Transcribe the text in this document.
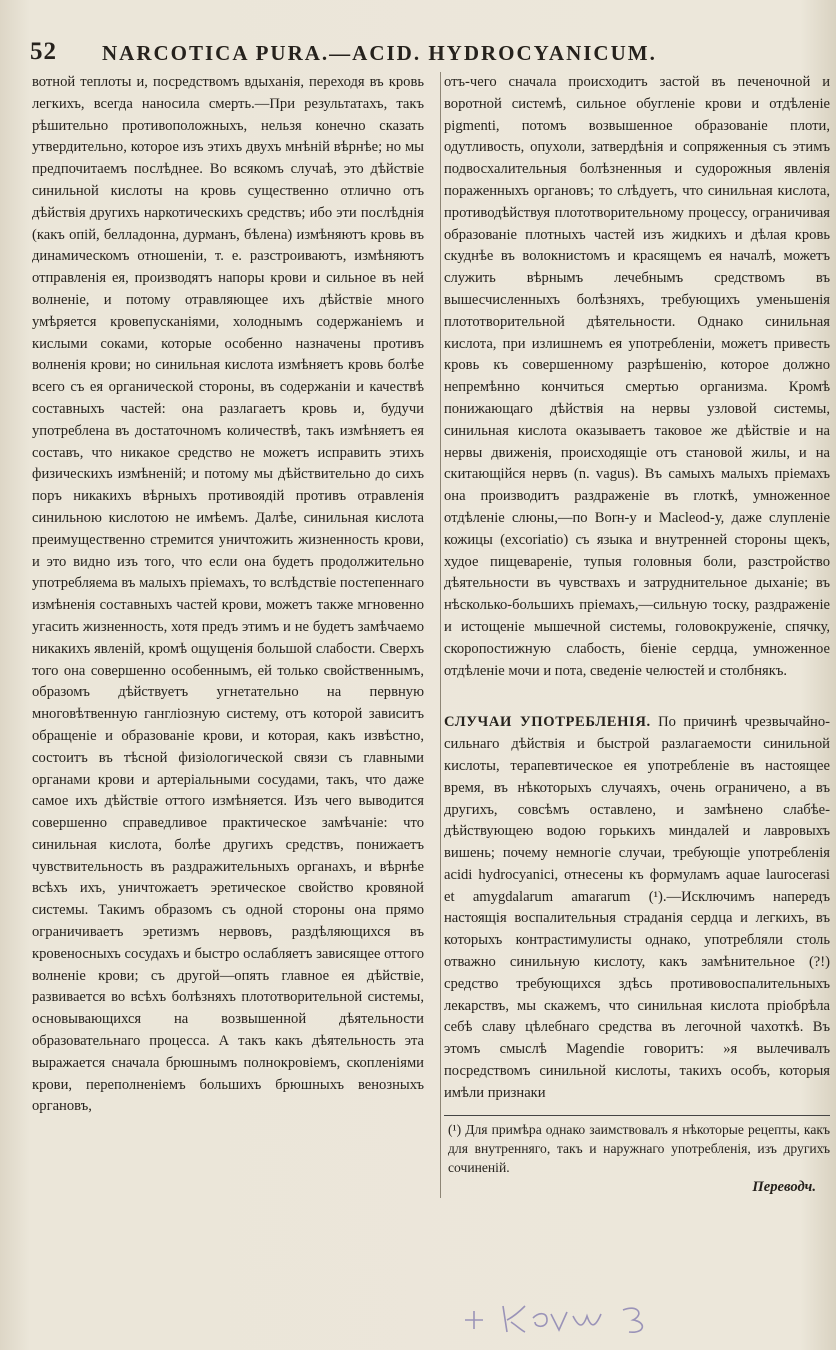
52 NARCOTICA PURA.—ACID. HYDROCYANICUM.

вотной теплоты и, посредствомъ вдыханія, переходя въ кровь легкихъ, всегда наносила смерть.—При результатахъ, такъ рѣшительно противоположныхъ, нельзя конечно сказать утвердительно, которое изъ этихъ двухъ мнѣній вѣрнѣе; но мы предпочитаемъ послѣднее. Во всякомъ случаѣ, это дѣйствіе синильной кислоты на кровь существенно отлично отъ дѣйствія другихъ наркотическихъ средствъ; ибо эти послѣднія (какъ опій, белладонна, дурманъ, бѣлена) измѣняютъ кровь въ динамическомъ отношеніи, т. е. разстроиваютъ, измѣняютъ отправленія ея, производятъ напоры крови и сильное въ ней волненіе, и потому отравляющее ихъ дѣйствіе много умѣряется кровепусканіями, холоднымъ содержаніемъ и кислыми соками, которые особенно назначены противъ волненія крови; но синильная кислота измѣняетъ кровь болѣе всего съ ея органической стороны, въ содержаніи и качествѣ составныхъ частей: она разлагаетъ кровь и, будучи употреблена въ достаточномъ количествѣ, такъ измѣняетъ ея составъ, что никакое средство не можетъ исправить этихъ физическихъ измѣненій; и потому мы дѣйствительно до сихъ поръ никакихъ вѣрныхъ противоядій противъ отравленія синильною кислотою не имѣемъ. Далѣе, синильная кислота преимущественно стремится уничтожить жизненность крови, и это видно изъ того, что если она будетъ продолжительно употребляема въ малыхъ пріемахъ, то вслѣдствіе постепеннаго измѣненія составныхъ частей крови, можетъ также мгновенно угасить жизненность, хотя предъ этимъ и не будетъ замѣчаемо никакихъ явленій, кромѣ ощущенія большой слабости. Сверхъ того она совершенно особеннымъ, ей только свойственнымъ, образомъ дѣйствуетъ угнетательно на первную многовѣтвенную гангліозную систему, отъ которой зависитъ обращеніе и образованіе крови, и которая, какъ извѣстно, состоитъ въ тѣсной физіологической связи съ главными органами крови и артеріальными сосудами, такъ, что даже самое ихъ дѣйствіе оттого измѣняется. Изъ чего выводится совершенно справедливое практическое замѣчаніе: что синильная кислота, болѣе другихъ средствъ, понижаетъ чувствительность въ раздражительныхъ органахъ, и вѣрнѣе всѣхъ ихъ, уничтожаетъ эретическое свойство кровяной системы. Такимъ образомъ съ одной стороны она прямо ограничиваетъ эретизмъ нервовъ, раздѣляющихся въ кровеносныхъ сосудахъ и быстро ослабляетъ зависящее оттого волненіе крови; съ другой—опять главное ея дѣйствіе, развивается во всѣхъ болѣзняхъ плототворительной системы, основывающихся на возвышенной дѣятельности образовательнаго процесса. А такъ какъ дѣятельность эта выражается сначала брюшнымъ полнокровіемъ, скопленіями крови, переполненіемъ большихъ брюшныхъ венозныхъ органовъ,

отъ-чего сначала происходитъ застой въ печеночной и воротной системѣ, сильное обугленіе крови и отдѣленіе pigmenti, потомъ возвышенное образованіе плоти, одутливость, опухоли, затвердѣнія и сопряженныя съ этимъ подвосхалительныя болѣзненныя и судорожныя явленія пораженныхъ органовъ; то слѣдуетъ, что синильная кислота, противодѣйствуя плототворительному процессу, ограничивая образованіе плотныхъ частей изъ жидкихъ и дѣлая кровь скуднѣе въ волокнистомъ и красящемъ ея началѣ, можетъ служить вѣрнымъ лечебнымъ средствомъ въ вышесчисленныхъ болѣзняхъ, требующихъ уменьшенія плототворительной дѣятельности. Однако синильная кислота, при излишнемъ ея употребленіи, можетъ привесть кровь къ совершенному разрѣшенію, которое должно непремѣнно кончиться смертью организма. Кромѣ понижающаго дѣйствія на нервы узловой системы, синильная кислота оказываетъ таковое же дѣйствіе и на нервы движенія, происходящіе отъ становой жилы, и на скитающійся нервъ (n. vagus). Въ самыхъ малыхъ пріемахъ она производитъ раздраженіе въ глоткѣ, умноженное отдѣленіе слюны,—по Borн-у и Macleod-у, даже слупленіе кожицы (excoriatio) съ языка и внутренней стороны щекъ, худое пищевареніе, тупыя головныя боли, разстройство дѣятельности въ чувствахъ и затруднительное дыханіе; въ нѣсколько-большихъ пріемахъ,—сильную тоску, раздраженіе и истощеніе мышечной системы, головокруженіе, спячку, скоропостижную слабость, біеніе сердца, умноженное отдѣленіе мочи и пота, сведеніе челюстей и столбнякъ.

СЛУЧАИ УПОТРЕБЛЕНІЯ. По причинѣ чрезвычайно-сильнаго дѣйствія и быстрой разлагаемости синильной кислоты, терапевтическое ея употребленіе въ настоящее время, въ нѣкоторыхъ случаяхъ, очень ограничено, а въ другихъ, совсѣмъ оставлено, и замѣнено слабѣе-дѣйствующею водою горькихъ миндалей и лавровыхъ вишень; почему немногіе случаи, требующіе употребленія acidi hydrocyanici, отнесены къ формуламъ aquae laurocerasi et amygdalarum amararum (¹).—Исключимъ напередъ настоящія воспалительныя страданія сердца и легкихъ, въ которыхъ контрастимулисты однако, употребляли столь отважно синильную кислоту, какъ замѣнительное (?!) средство требующихся здѣсь противовоспалительныхъ лекарствъ, мы скажемъ, что синильная кислота пріобрѣла себѣ славу цѣлебнаго средства въ легочной чахоткѣ. Въ этомъ смыслѣ Magendie говоритъ: »я вылечивалъ посредствомъ синильной кислоты, такихъ особъ, которыя имѣли признаки

(¹) Для примѣра однако заимствовалъ я нѣкоторые рецепты, какъ для внутренняго, такъ и наружнаго употребленія, изъ другихъ сочиненій.

Переводч.
